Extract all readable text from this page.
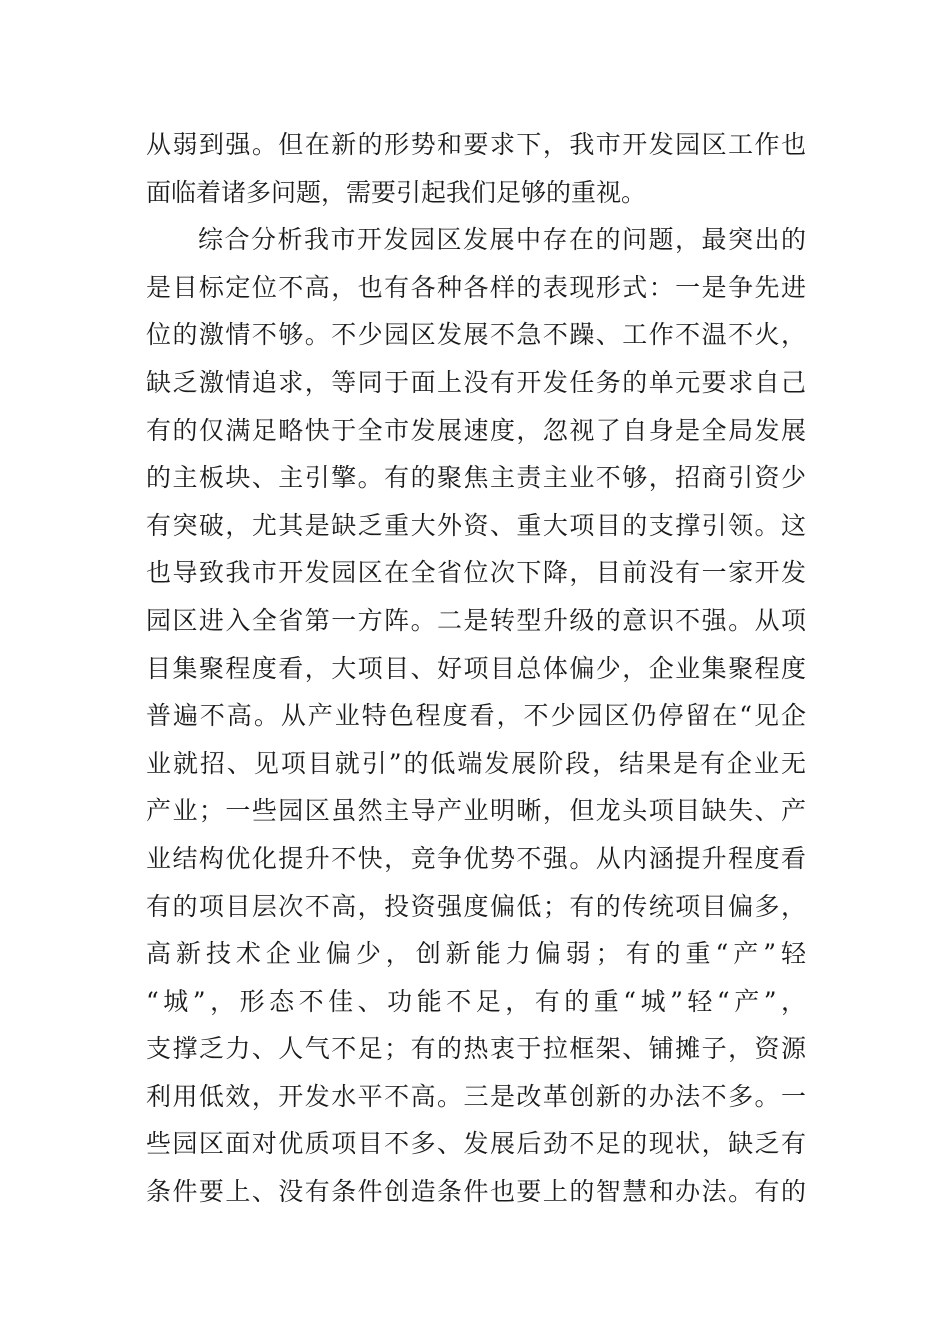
从弱到强。但在新的形势和要求下，我市开发园区工作也
面临着诸多问题，需要引起我们足够的重视。
综合分析我市开发园区发展中存在的问题，最突出的
是目标定位不高，也有各种各样的表现形式：一是争先进
位的激情不够。不少园区发展不急不躁、工作不温不火，
缺乏激情追求，等同于面上没有开发任务的单元要求自己
有的仅满足略快于全市发展速度，忽视了自身是全局发展
的主板块、主引擎。有的聚焦主责主业不够，招商引资少
有突破，尤其是缺乏重大外资、重大项目的支撑引领。这
也导致我市开发园区在全省位次下降，目前没有一家开发
园区进入全省第一方阵。二是转型升级的意识不强。从项
目集聚程度看，大项目、好项目总体偏少，企业集聚程度
普遍不高。从产业特色程度看，不少园区仍停留在“见企
业就招、见项目就引”的低端发展阶段，结果是有企业无
产业；一些园区虽然主导产业明晰，但龙头项目缺失、产
业结构优化提升不快，竞争优势不强。从内涵提升程度看
有的项目层次不高，投资强度偏低；有的传统项目偏多，
高新技术企业偏少，创新能力偏弱；有的重“产”轻
“城”，形态不佳、功能不足，有的重“城”轻“产”，
支撑乏力、人气不足；有的热衷于拉框架、铺摊子，资源
利用低效，开发水平不高。三是改革创新的办法不多。一
些园区面对优质项目不多、发展后劲不足的现状，缺乏有
条件要上、没有条件创造条件也要上的智慧和办法。有的
